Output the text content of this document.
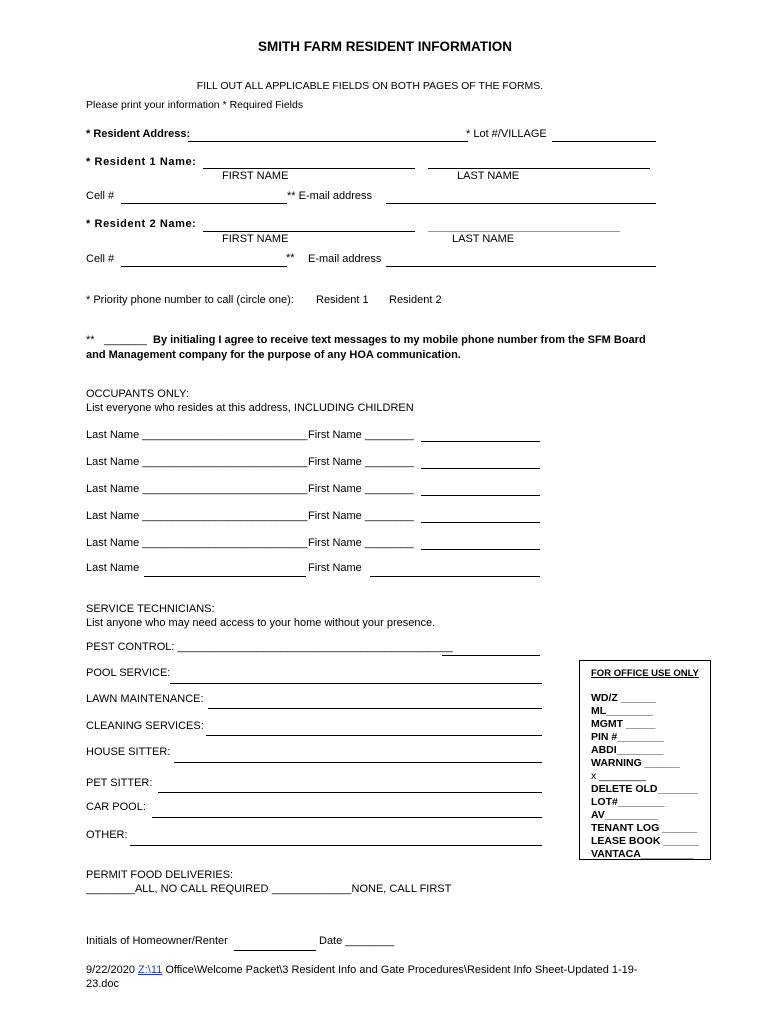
SMITH FARM RESIDENT INFORMATION
FILL OUT ALL APPLICABLE FIELDS ON BOTH PAGES OF THE FORMS.
Please print your information * Required Fields
* Resident Address:	* Lot #/VILLAGE
* Resident 1 Name:
FIRST NAME	LAST NAME
Cell #	** E-mail address
* Resident 2 Name:
FIRST NAME	LAST NAME
Cell #	** E-mail address
* Priority phone number to call (circle one): Resident 1 Resident 2
** _______ By initialing I agree to receive text messages to my mobile phone number from the SFM Board
and Management company for the purpose of any HOA communication.
OCCUPANTS ONLY:
List everyone who resides at this address, INCLUDING CHILDREN
Last Name ___________________________ First Name ________
Last Name ___________________________ First Name ________
Last Name ___________________________ First Name ________
Last Name ___________________________ First Name ________
Last Name ___________________________ First Name ________
Last Name	First Name
SERVICE TECHNICIANS:
List anyone who may need access to your home without your presence.
PEST CONTROL: _____________________________________________
POOL SERVICE:
LAWN MAINTENANCE:
CLEANING SERVICES:
HOUSE SITTER:
PET SITTER:
CAR POOL:
OTHER:
FOR OFFICE USE ONLY
WD/Z ______
ML________
MGMT _____
PIN #________
ABDI________
WARNING ______
x ________
DELETE OLD_______
LOT#________
AV_________
TENANT LOG ______
LEASE BOOK ______
VANTACA_________
PERMIT FOOD DELIVERIES:
________ALL, NO CALL REQUIRED _____________NONE, CALL FIRST
Initials of Homeowner/Renter	Date ________
9/22/2020 Z:\11 Office\Welcome Packet\3 Resident Info and Gate Procedures\Resident Info Sheet-Updated 1-19-
23.doc
